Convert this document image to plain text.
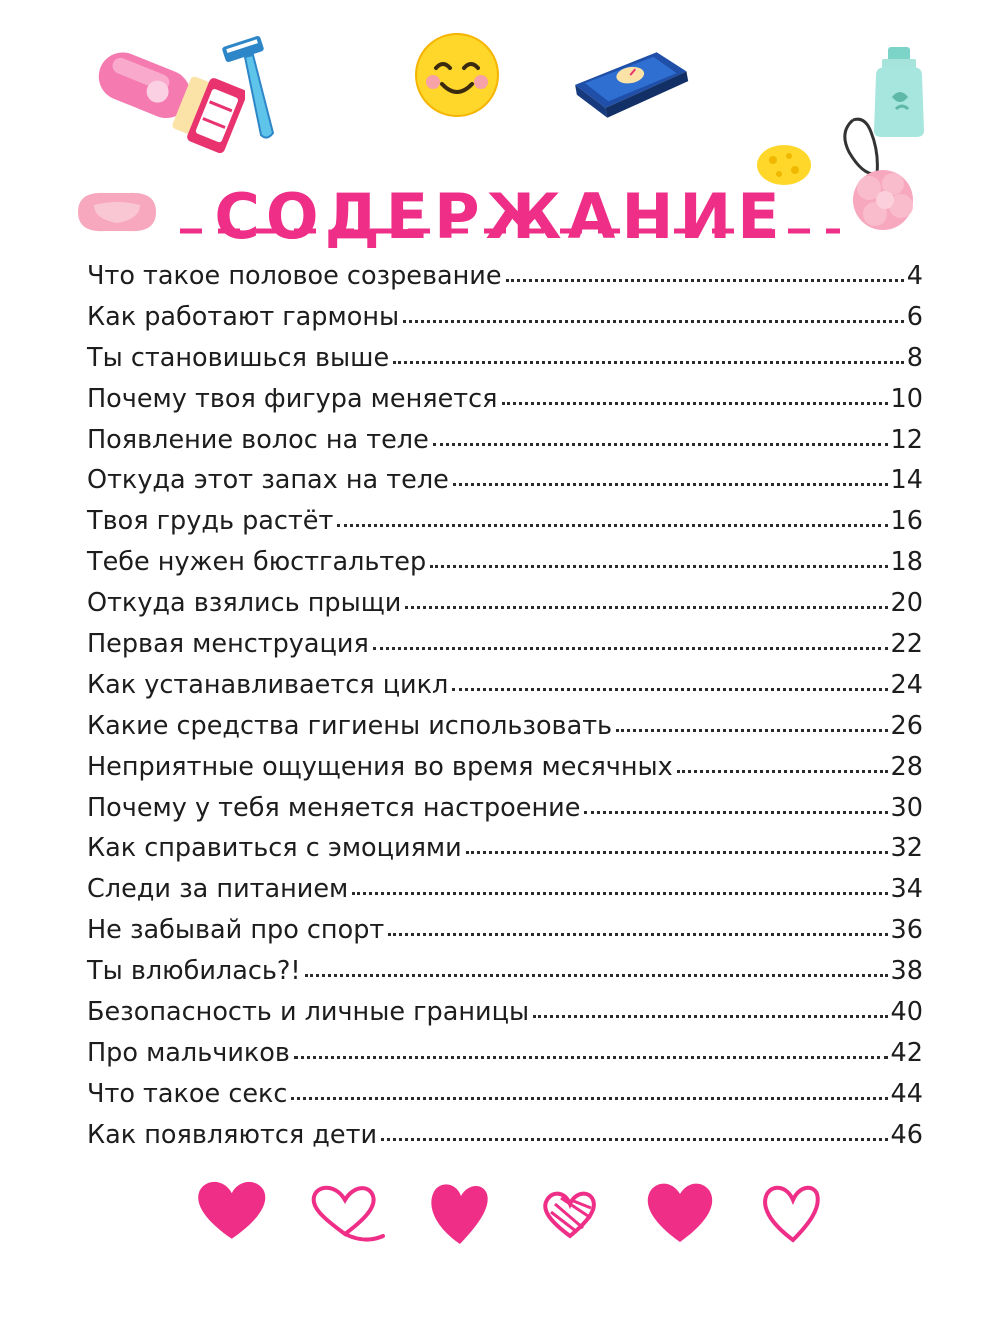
СОДЕРЖАНИЕ
Что такое половое созревание	4
Как работают гармоны	6
Ты становишься выше	8
Почему твоя фигура меняется	10
Появление волос на теле	12
Откуда этот запах на теле	14
Твоя грудь растёт	16
Тебе нужен бюстгальтер	18
Откуда взялись прыщи	20
Первая менструация	22
Как устанавливается цикл	24
Какие средства гигиены использовать	26
Неприятные ощущения во время месячных	28
Почему у тебя меняется настроение	30
Как справиться с эмоциями	32
Следи за питанием	34
Не забывай про спорт	36
Ты влюбилась?!	38
Безопасность и личные границы	40
Про мальчиков	42
Что такое секс	44
Как появляются дети	46
